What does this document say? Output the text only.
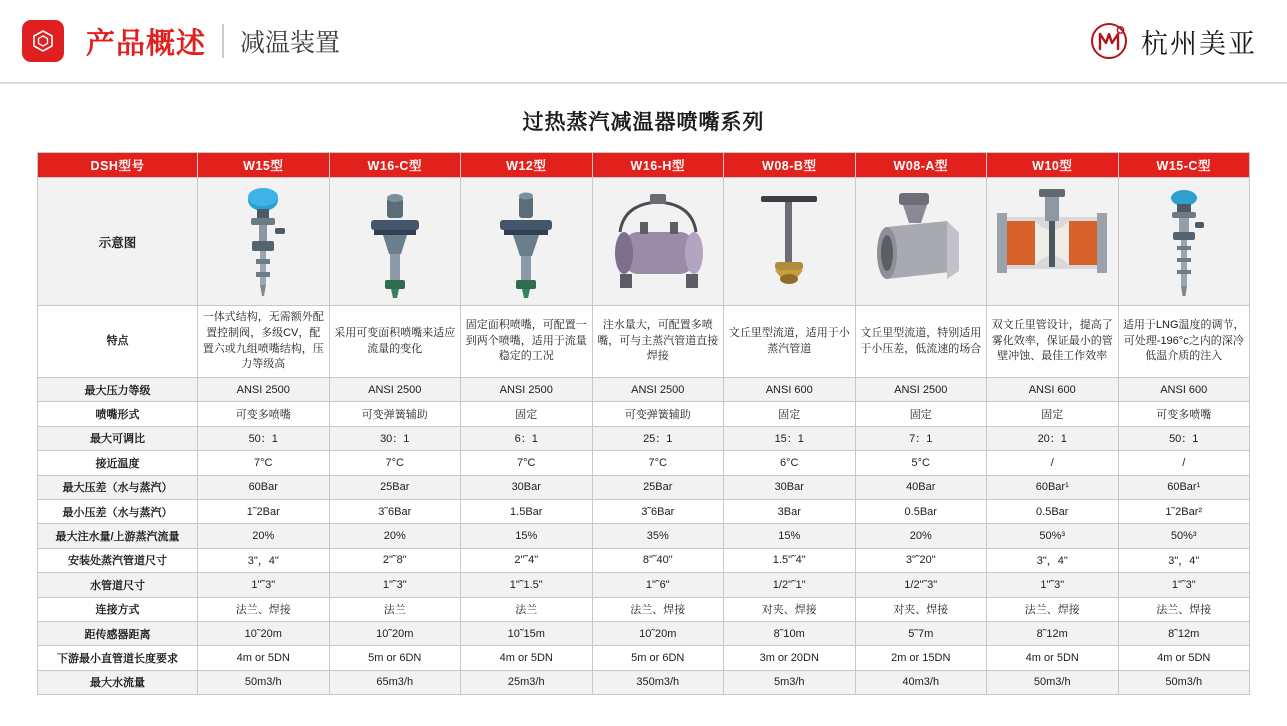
产品概述 减温装置	杭州美亚
过热蒸汽减温器喷嘴系列
DSH型号	W15型	W16-C型	W12型	W16-H型	W08-B型	W08-A型	W10型	W15-C型
示意图	

特点	一体式结构，无需额外配置控制阀，多级CV，配置六或九组喷嘴结构，压力等级高	采用可变面积喷嘴来适应流量的变化	固定面积喷嘴，可配置一到两个喷嘴，适用于流量稳定的工况	注水量大，可配置多喷嘴，可与主蒸汽管道直接焊接	文丘里型流道，适用于小蒸汽管道	文丘里型流道，特别适用于小压差，低流速的场合	双文丘里管设计，提高了雾化效率，保证最小的管壁冲蚀、最佳工作效率	适用于LNG温度的调节，可处理-196°c之内的深冷低温介质的注入
最大压力等级	ANSI 2500	ANSI 2500	ANSI 2500	ANSI 2500	ANSI 600	ANSI 2500	ANSI 600	ANSI 600
喷嘴形式	可变多喷嘴	可变弹簧辅助	固定	可变弹簧辅助	固定	固定	固定	可变多喷嘴
最大可调比	50：1	30：1	6：1	25：1	15：1	7：1	20：1	50：1
接近温度	7°C	7°C	7°C	7°C	6°C	5°C	/	/
最大压差（水与蒸汽）	60Bar	25Bar	30Bar	25Bar	30Bar	40Bar	60Bar¹	60Bar¹
最小压差（水与蒸汽）	1˜2Bar	3˜6Bar	1.5Bar	3˜6Bar	3Bar	0.5Bar	0.5Bar	1˜2Bar²
最大注水量/上游蒸汽流量	20%	20%	15%	35%	15%	20%	50%³	50%³
安装处蒸汽管道尺寸	3"，4"	2"˜8"	2"˜4"	8"˜40"	1.5"˜4"	3"˜20"	3"，4"	3"，4"
水管道尺寸	1"˜3"	1"˜3"	1"˜1.5"	1"˜6"	1/2"˜1"	1/2"˜3"	1"˜3"	1"˜3"
连接方式	法兰、焊接	法兰	法兰	法兰、焊接	对夹、焊接	对夹、焊接	法兰、焊接	法兰、焊接
距传感器距离	10˜20m	10˜20m	10˜15m	10˜20m	8˜10m	5˜7m	8˜12m	8˜12m
下游最小直管道长度要求	4m or 5DN	5m or 6DN	4m or 5DN	5m or 6DN	3m or 20DN	2m or 15DN	4m or 5DN	4m or 5DN
最大水流量	50m3/h	65m3/h	25m3/h	350m3/h	5m3/h	40m3/h	50m3/h	50m3/h
